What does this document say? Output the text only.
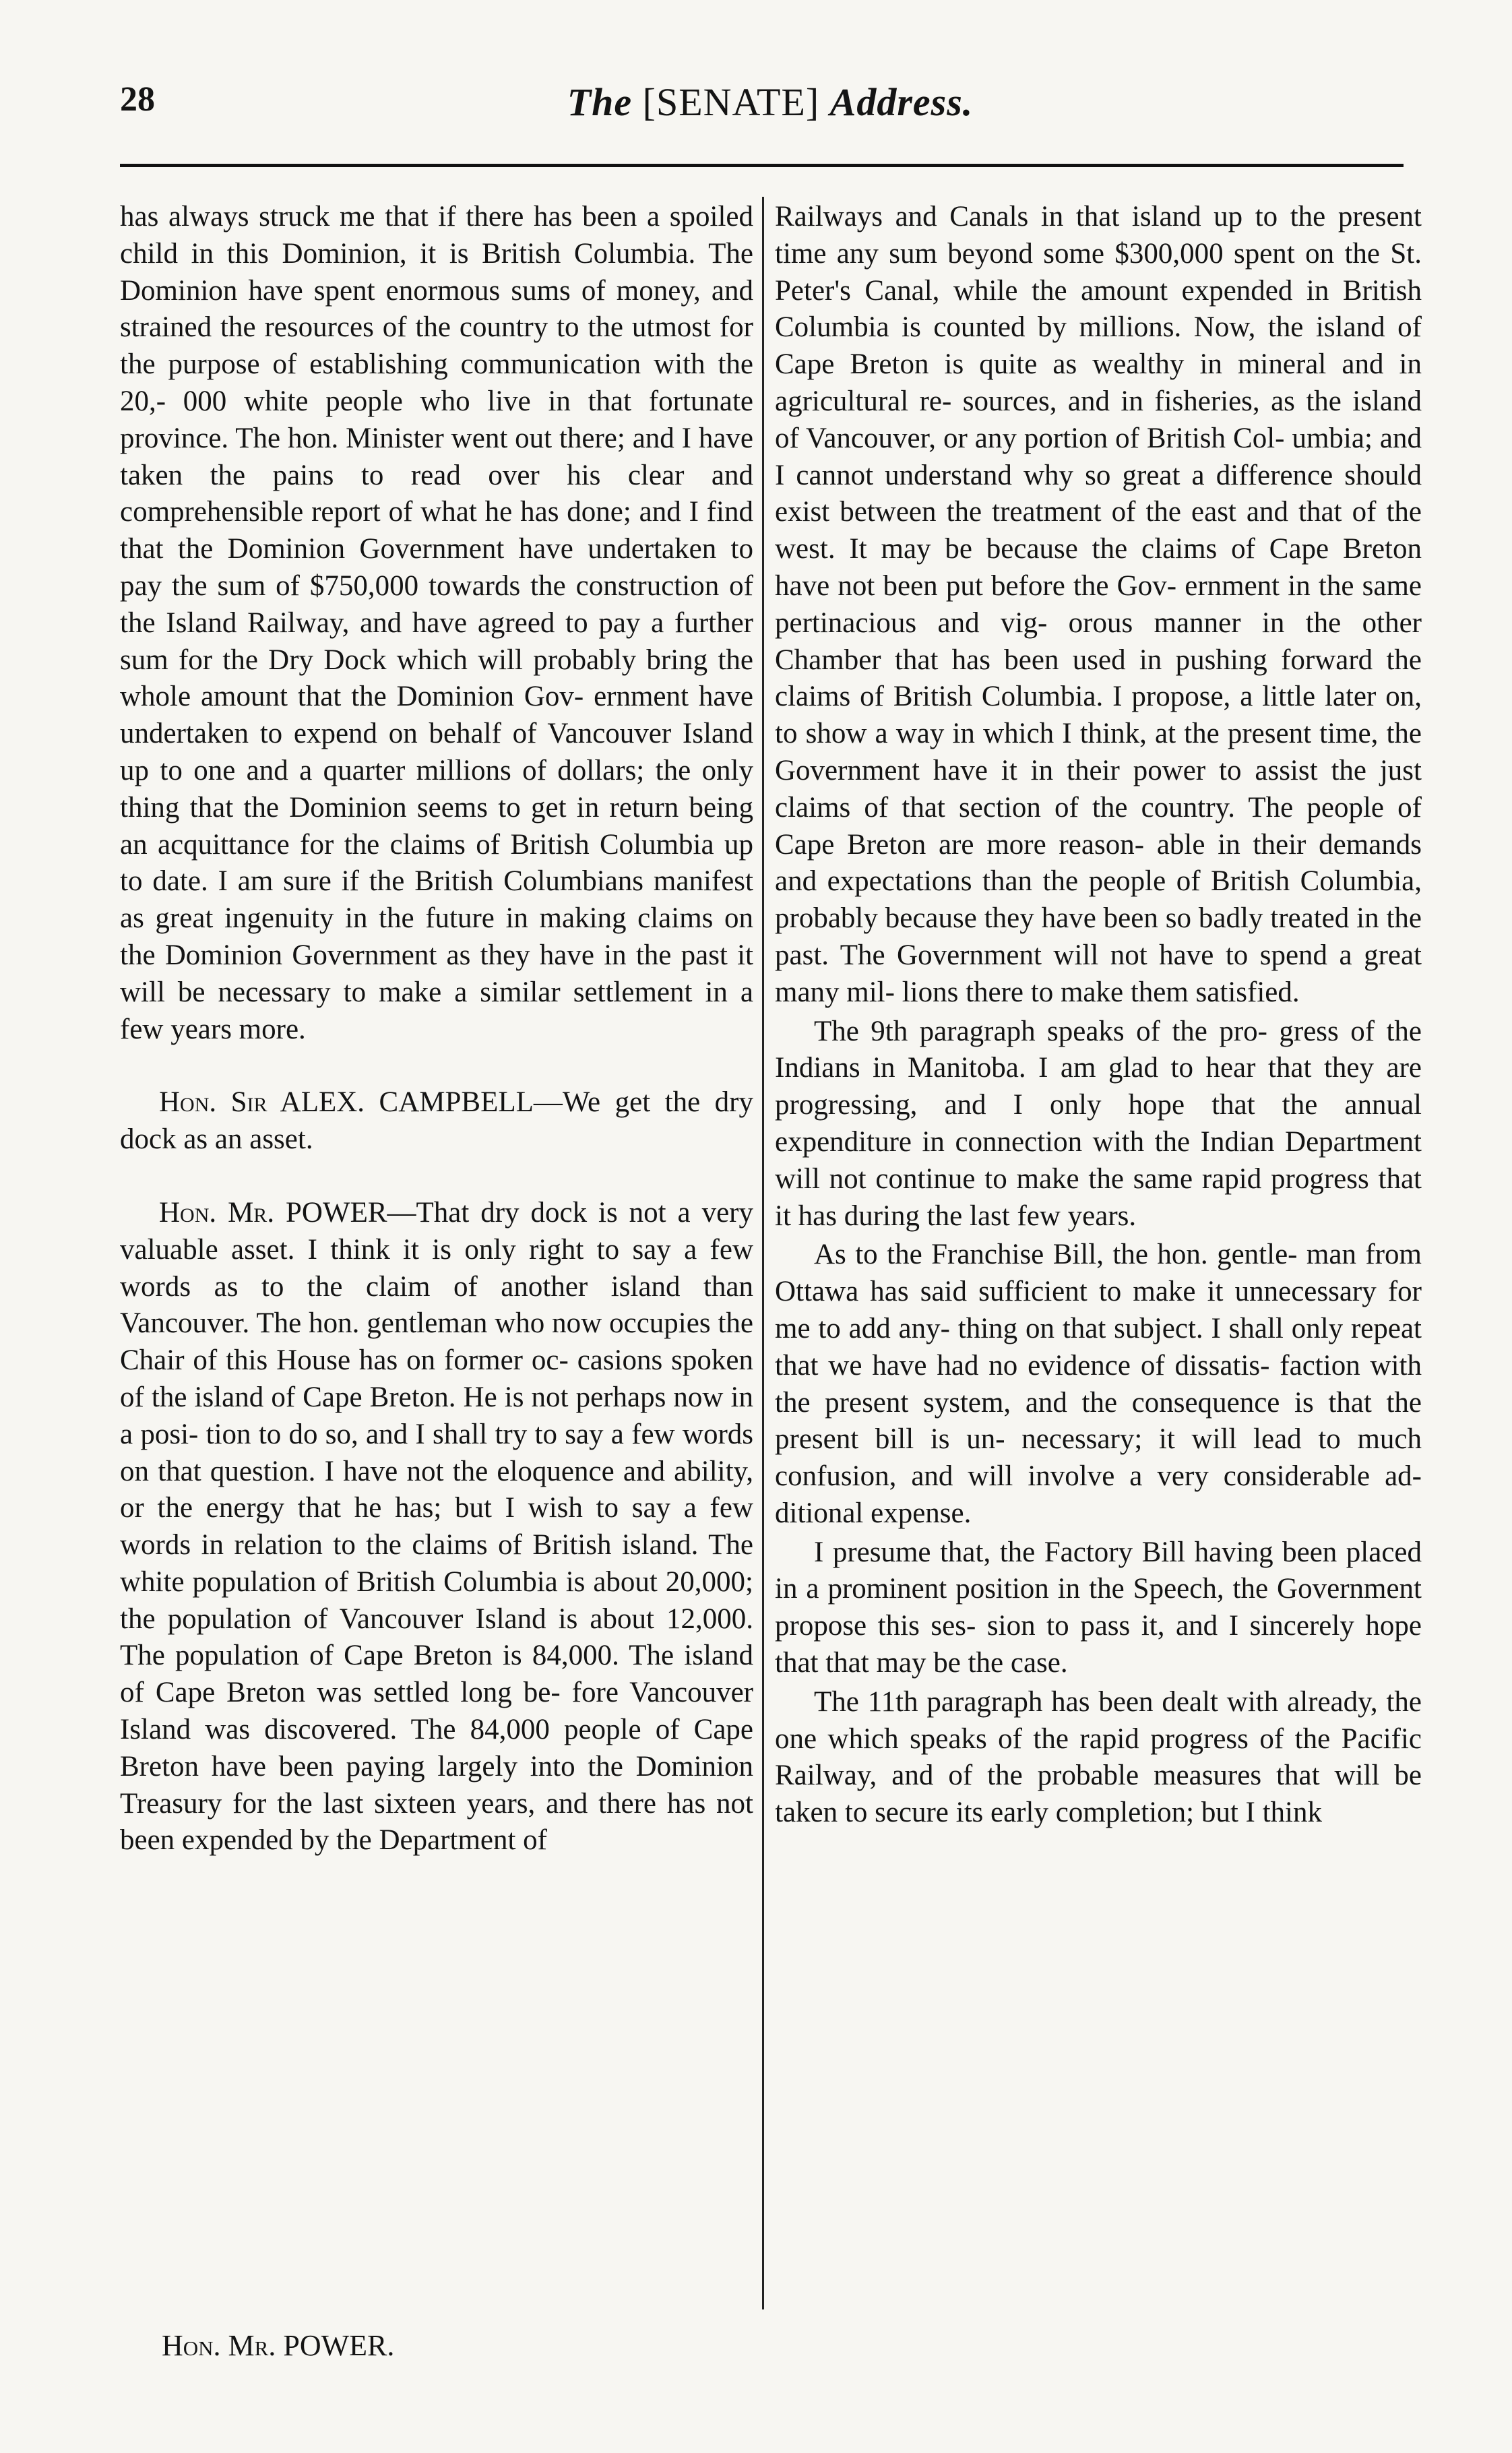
28	The [SENATE] Address.

has always struck me that if there has been a spoiled child in this Dominion, it is British Columbia. The Dominion have spent enormous sums of money, and strained the resources of the country to the utmost for the purpose of establishing communication with the 20,- 000 white people who live in that fortunate province. The hon. Minister went out there; and I have taken the pains to read over his clear and comprehensible report of what he has done; and I find that the Dominion Government have undertaken to pay the sum of $750,000 towards the construction of the Island Railway, and have agreed to pay a further sum for the Dry Dock which will probably bring the whole amount that the Dominion Gov- ernment have undertaken to expend on behalf of Vancouver Island up to one and a quarter millions of dollars; the only thing that the Dominion seems to get in return being an acquittance for the claims of British Columbia up to date. I am sure if the British Columbians manifest as great ingenuity in the future in making claims on the Dominion Government as they have in the past it will be necessary to make a similar settlement in a few years more.

Hon. Sir ALEX. CAMPBELL—We get the dry dock as an asset.

Hon. Mr. POWER—That dry dock is not a very valuable asset. I think it is only right to say a few words as to the claim of another island than Vancouver. The hon. gentleman who now occupies the Chair of this House has on former oc- casions spoken of the island of Cape Breton. He is not perhaps now in a posi- tion to do so, and I shall try to say a few words on that question. I have not the eloquence and ability, or the energy that he has; but I wish to say a few words in relation to the claims of British island. The white population of British Columbia is about 20,000; the population of Vancouver Island is about 12,000. The population of Cape Breton is 84,000. The island of Cape Breton was settled long be- fore Vancouver Island was discovered. The 84,000 people of Cape Breton have been paying largely into the Dominion Treasury for the last sixteen years, and there has not been expended by the Department of

Railways and Canals in that island up to the present time any sum beyond some $300,000 spent on the St. Peter's Canal, while the amount expended in British Columbia is counted by millions. Now, the island of Cape Breton is quite as wealthy in mineral and in agricultural re- sources, and in fisheries, as the island of Vancouver, or any portion of British Col- umbia; and I cannot understand why so great a difference should exist between the treatment of the east and that of the west. It may be because the claims of Cape Breton have not been put before the Gov- ernment in the same pertinacious and vig- orous manner in the other Chamber that has been used in pushing forward the claims of British Columbia. I propose, a little later on, to show a way in which I think, at the present time, the Government have it in their power to assist the just claims of that section of the country. The people of Cape Breton are more reason- able in their demands and expectations than the people of British Columbia, probably because they have been so badly treated in the past. The Government will not have to spend a great many mil- lions there to make them satisfied.

The 9th paragraph speaks of the pro- gress of the Indians in Manitoba. I am glad to hear that they are progressing, and I only hope that the annual expenditure in connection with the Indian Department will not continue to make the same rapid progress that it has during the last few years.

As to the Franchise Bill, the hon. gentle- man from Ottawa has said sufficient to make it unnecessary for me to add any- thing on that subject. I shall only repeat that we have had no evidence of dissatis- faction with the present system, and the consequence is that the present bill is un- necessary; it will lead to much confusion, and will involve a very considerable ad- ditional expense.

I presume that, the Factory Bill having been placed in a prominent position in the Speech, the Government propose this ses- sion to pass it, and I sincerely hope that that may be the case.

The 11th paragraph has been dealt with already, the one which speaks of the rapid progress of the Pacific Railway, and of the probable measures that will be taken to secure its early completion; but I think

Hon. Mr. POWER.
